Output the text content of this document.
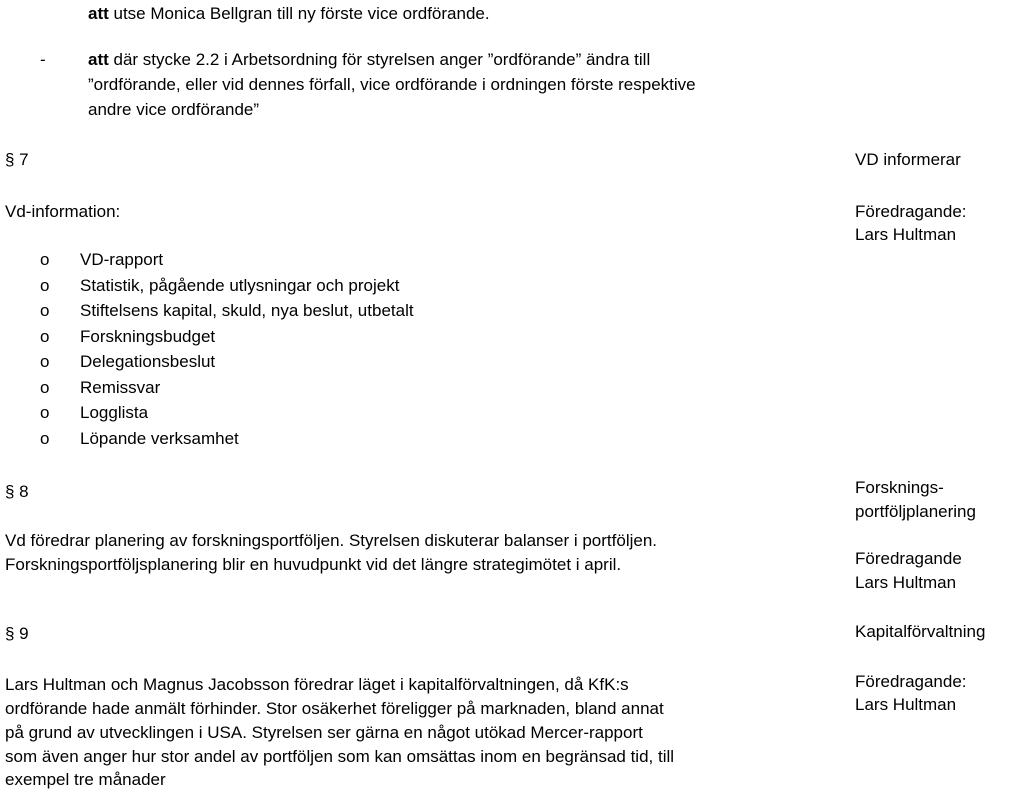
att utse Monica Bellgran till ny förste vice ordförande.
- att där stycke 2.2 i Arbetsordning för styrelsen anger ”ordförande” ändra till
”ordförande, eller vid dennes förfall, vice ordförande i ordningen förste respektive
andre vice ordförande”
§ 7	VD informerar
Vd-information:	Föredragande:
Lars Hultman
o VD-rapport
o Statistik, pågående utlysningar och projekt
o Stiftelsens kapital, skuld, nya beslut, utbetalt
o Forskningsbudget
o Delegationsbeslut
o Remissvar
o Logglista
o Löpande verksamhet
§ 8	Forsknings-
portföljplanering
Vd föredrar planering av forskningsportföljen. Styrelsen diskuterar balanser i portföljen.
Forskningsportföljsplanering blir en huvudpunkt vid det längre strategimötet i april.	Föredragande
Lars Hultman
§ 9	Kapitalförvaltning
Lars Hultman och Magnus Jacobsson föredrar läget i kapitalförvaltningen, då KfK:s
ordförande hade anmält förhinder. Stor osäkerhet föreligger på marknaden, bland annat
på grund av utvecklingen i USA. Styrelsen ser gärna en något utökad Mercer-rapport
som även anger hur stor andel av portföljen som kan omsättas inom en begränsad tid, till
exempel tre månader
Föredragande:
Lars Hultman
